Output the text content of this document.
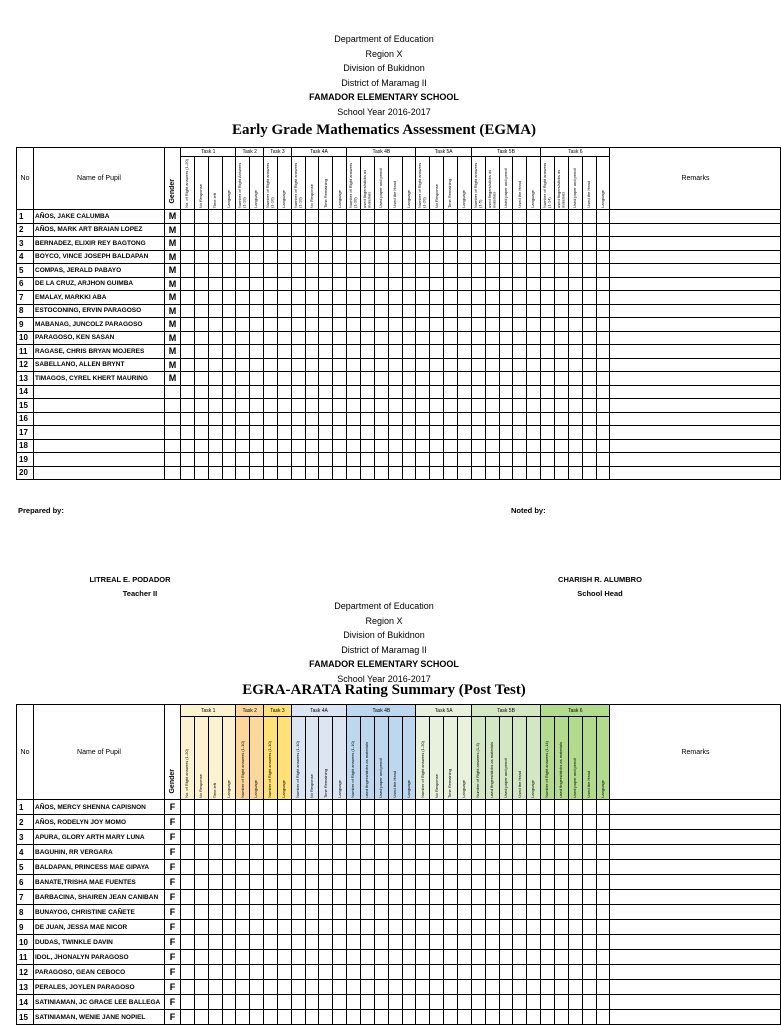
Department of Education
Region X
Division of Bukidnon
District of Maramag II
FAMADOR ELEMENTARY SCHOOL
School Year 2016-2017
Early Grade Mathematics Assessment (EGMA)
No	Name of Pupil	Gender	Task 1				Task 2		Task 3		Task 4A				Task 4B					Task 5A				Task 5B					Task 6					Remarks

			No. of Right answers (1-20)	No Response	Time left	Language	Number of Right Answers (1-10)	Language	Number of Right answers (1-10)	Language	Number of Right answers (1-10)	No Response	Time Remaining	Language	Number of Right answers (1-10)	used fingers/sticks as materials	Used paper and pencil	Used the Head	Language	Number of Right answers (1-20)	No Response	Time Remaining	Language	Number of Right answers (1-5)	used fingers/sticks as materials	Used paper and pencil	Used the Head	Language	Number of Right answers (1-14)	used fingers/sticks as materials	Used paper and pencil	Used the Head	Language	

1	AÑOS, JAKE CALUMBA	M																																
2	AÑOS, MARK ART BRAIAN LOPEZ	M																																
3	BERNADEZ, ELIXIR REY BAGTONG	M																																
4	BOYCO, VINCE JOSEPH BALDAPAN	M																																
5	COMPAS, JERALD PABAYO	M																																
6	DE LA CRUZ, ARJHON GUIMBA	M																																
7	EMALAY, MARKKI ABA	M																																
8	ESTOCONING, ERVIN PARAGOSO	M																																
9	MABANAG, JUNCOLZ PARAGOSO	M																																
10	PARAGOSO, KEN SASAN	M																																
11	RAGASE, CHRIS BRYAN MOJERES	M																																
12	SABELLANO, ALLEN BRYNT	M																																
13	TIMAGOS, CYREL KHERT MAURING	M																																
14																																		
15																																		
16																																		
17																																		
18																																		
19																																		
20																																		
Prepared by:	Noted by:
LITREAL E. PODADOR
Teacher II
CHARISH R. ALUMBRO
School Head
Department of Education
Region X
Division of Bukidnon
District of Maramag II
FAMADOR ELEMENTARY SCHOOL
School Year 2016-2017
EGRA-ARATA Rating Summary (Post Test)
No	Name of Pupil	Gender	Task 1				Task 2		Task 3		Task 4A				Task 4B					Task 5A				Task 5B					Task 6					Remarks

			No. of Right answers (1-20)	No Response	Time left	Language	Number of Right answers (1-10)	Language	Number of Right answers (1-10)	Language	Number of Right answers (1-10)	No Response	Time Remaining	Language	Number of Right answers (1-10)	used fingers/sticks as materials	Used paper and pencil	Used the Head	Language	Number of Right answers (1-20)	No Response	Time Remaining	Language	Number of Right answers (1-5)	used fingers/sticks as materials	Used paper and pencil	Used the Head	Language	Number of Right answers (1-14)	used fingers/sticks as materials	Used paper and pencil	Used the Head	Language	

1	AÑOS, MERCY SHENNA CAPISNON	F																																
2	AÑOS, RODELYN JOY MOMO	F																																
3	APURA, GLORY ARTH MARY LUNA	F																																
4	BAGUHIN, RR VERGARA	F																																
5	BALDAPAN, PRINCESS MAE GIPAYA	F																																
6	BANATE,TRISHA MAE FUENTES	F																																
7	BARBACINA, SHAIREN JEAN CANIBAN	F																																
8	BUNAYOG, CHRISTINE CAÑETE	F																																
9	DE JUAN, JESSA MAE NICOR	F																																
10	DUDAS, TWINKLE DAVIN	F																																
11	IDOL, JHONALYN PARAGOSO	F																																
12	PARAGOSO, GEAN CEBOCO	F																																
13	PERALES, JOYLEN PARAGOSO	F																																
14	SATINIAMAN, JC GRACE LEE BALLEGA	F																																
15	SATINIAMAN, WENIE JANE NOPIEL	F																																
